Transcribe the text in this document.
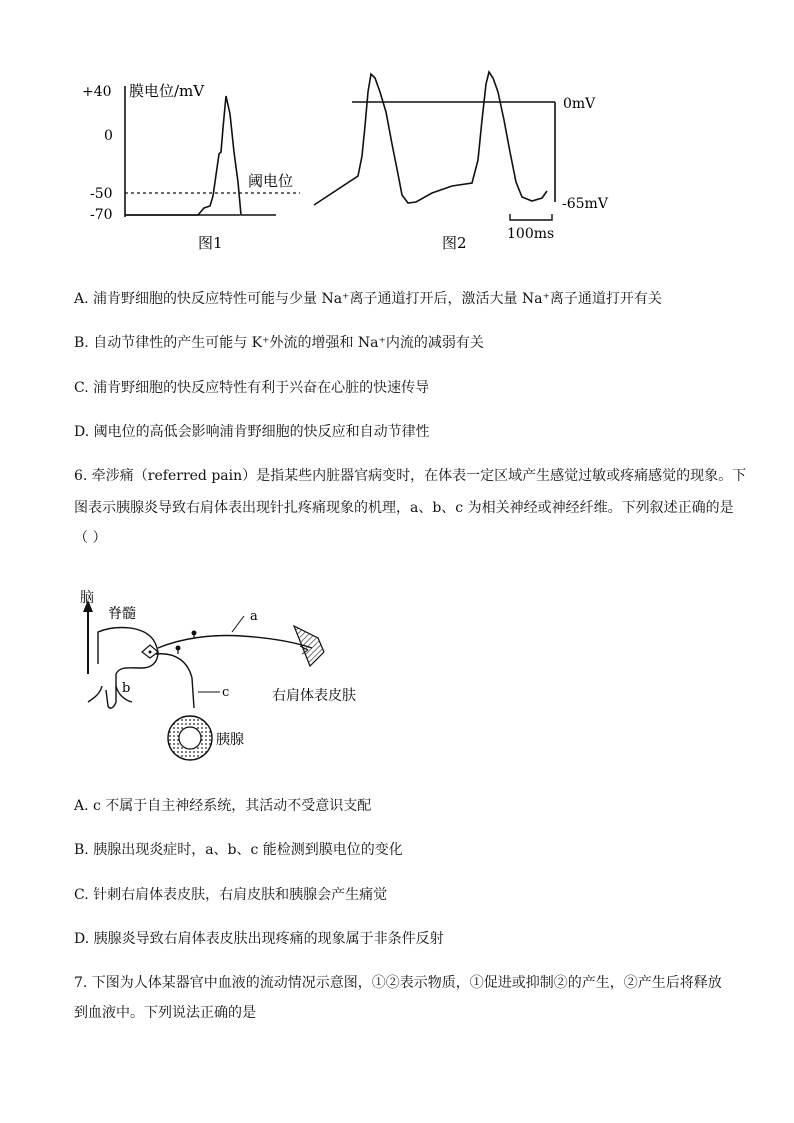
+40
0
-50
-70
膜电位/mV
阈电位
图1
0mV
-65mV
100ms
图2
A. 浦肯野细胞的快反应特性可能与少量 Na⁺离子通道打开后，激活大量 Na⁺离子通道打开有关
B. 自动节律性的产生可能与 K⁺外流的增强和 Na⁺内流的减弱有关
C. 浦肯野细胞的快反应特性有利于兴奋在心脏的快速传导
D. 阈电位的高低会影响浦肯野细胞的快反应和自动节律性
6. 牵涉痛（referred pain）是指某些内脏器官病变时，在体表一定区域产生感觉过敏或疼痛感觉的现象。下
图表示胰腺炎导致右肩体表出现针扎疼痛现象的机理，a、b、c 为相关神经或神经纤维。下列叙述正确的是
（ ）
脑
脊髓
b
a
右肩体表皮肤
c
胰腺
A. c 不属于自主神经系统，其活动不受意识支配
B. 胰腺出现炎症时，a、b、c 能检测到膜电位的变化
C. 针刺右肩体表皮肤，右肩皮肤和胰腺会产生痛觉
D. 胰腺炎导致右肩体表皮肤出现疼痛的现象属于非条件反射
7. 下图为人体某器官中血液的流动情况示意图，①②表示物质，①促进或抑制②的产生，②产生后将释放
到血液中。下列说法正确的是
